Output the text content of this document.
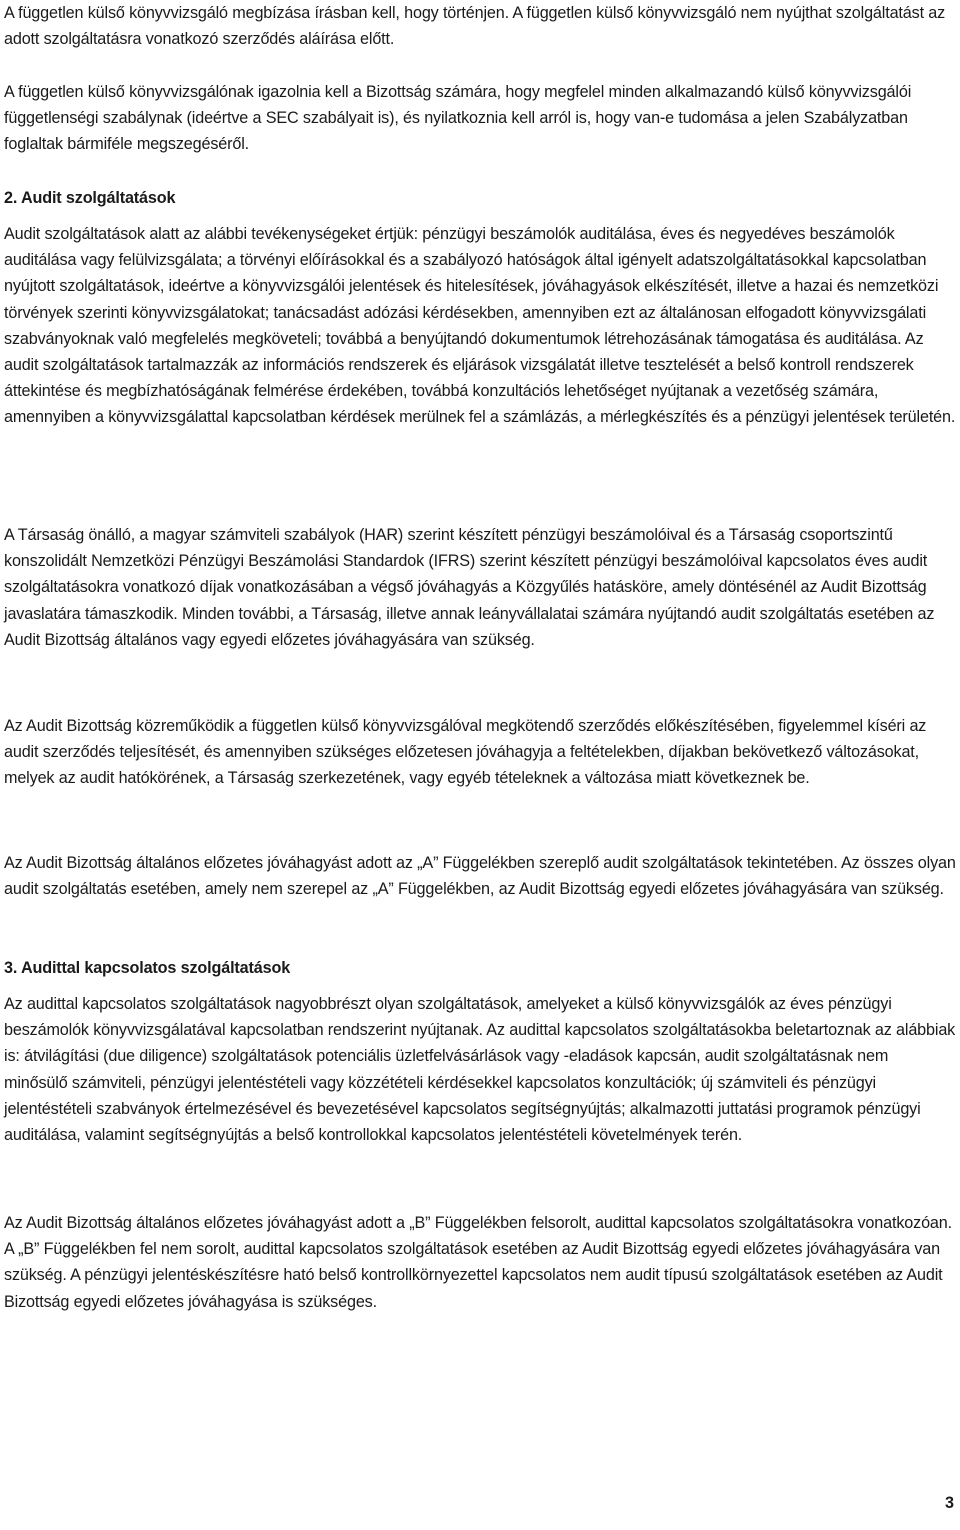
A független külső könyvvizsgáló megbízása írásban kell, hogy történjen. A független külső könyvvizsgáló nem nyújthat szolgáltatást az adott szolgáltatásra vonatkozó szerződés aláírása előtt.

A független külső könyvvizsgálónak igazolnia kell a Bizottság számára, hogy megfelel minden alkalmazandó külső könyvvizsgálói függetlenségi szabálynak (ideértve a SEC szabályait is), és nyilatkoznia kell arról is, hogy van-e tudomása a jelen Szabályzatban foglaltak bármiféle megszegéséről.

2. Audit szolgáltatások

Audit szolgáltatások alatt az alábbi tevékenységeket értjük: pénzügyi beszámolók auditálása, éves és negyedéves beszámolók auditálása vagy felülvizsgálata; a törvényi előírásokkal és a szabályozó hatóságok által igényelt adatszolgáltatásokkal kapcsolatban nyújtott szolgáltatások, ideértve a könyvvizsgálói jelentések és hitelesítések, jóváhagyások elkészítését, illetve a hazai és nemzetközi törvények szerinti könyvvizsgálatokat; tanácsadást adózási kérdésekben, amennyiben ezt az általánosan elfogadott könyvvizsgálati szabványoknak való megfelelés megköveteli; továbbá a benyújtandó dokumentumok létrehozásának támogatása és auditálása. Az audit szolgáltatások tartalmazzák az információs rendszerek és eljárások vizsgálatát illetve tesztelését a belső kontroll rendszerek áttekintése és megbízhatóságának felmérése érdekében, továbbá konzultációs lehetőséget nyújtanak a vezetőség számára, amennyiben a könyvvizsgálattal kapcsolatban kérdések merülnek fel a számlázás, a mérlegkészítés és a pénzügyi jelentések területén.

A Társaság önálló, a magyar számviteli szabályok (HAR) szerint készített pénzügyi beszámolóival és a Társaság csoportszintű konszolidált Nemzetközi Pénzügyi Beszámolási Standardok (IFRS) szerint készített pénzügyi beszámolóival kapcsolatos éves audit szolgáltatásokra vonatkozó díjak vonatkozásában a végső jóváhagyás a Közgyűlés hatásköre, amely döntésénél az Audit Bizottság javaslatára támaszkodik. Minden további, a Társaság, illetve annak leányvállalatai számára nyújtandó audit szolgáltatás esetében az Audit Bizottság általános vagy egyedi előzetes jóváhagyására van szükség.

Az Audit Bizottság közreműködik a független külső könyvvizsgálóval megkötendő szerződés előkészítésében, figyelemmel kíséri az audit szerződés teljesítését, és amennyiben szükséges előzetesen jóváhagyja a feltételekben, díjakban bekövetkező változásokat, melyek az audit hatókörének, a Társaság szerkezetének, vagy egyéb tételeknek a változása miatt következnek be.

Az Audit Bizottság általános előzetes jóváhagyást adott az „A” Függelékben szereplő audit szolgáltatások tekintetében. Az összes olyan audit szolgáltatás esetében, amely nem szerepel az „A” Függelékben, az Audit Bizottság egyedi előzetes jóváhagyására van szükség.

3. Audittal kapcsolatos szolgáltatások

Az audittal kapcsolatos szolgáltatások nagyobbrészt olyan szolgáltatások, amelyeket a külső könyvvizsgálók az éves pénzügyi beszámolók könyvvizsgálatával kapcsolatban rendszerint nyújtanak. Az audittal kapcsolatos szolgáltatásokba beletartoznak az alábbiak is: átvilágítási (due diligence) szolgáltatások potenciális üzletfelvásárlások vagy -eladások kapcsán, audit szolgáltatásnak nem minősülő számviteli, pénzügyi jelentéstételi vagy közzétételi kérdésekkel kapcsolatos konzultációk; új számviteli és pénzügyi jelentéstételi szabványok értelmezésével és bevezetésével kapcsolatos segítségnyújtás; alkalmazotti juttatási programok pénzügyi auditálása, valamint segítségnyújtás a belső kontrollokkal kapcsolatos jelentéstételi követelmények terén.

Az Audit Bizottság általános előzetes jóváhagyást adott a „B” Függelékben felsorolt, audittal kapcsolatos szolgáltatásokra vonatkozóan. A „B” Függelékben fel nem sorolt, audittal kapcsolatos szolgáltatások esetében az Audit Bizottság egyedi előzetes jóváhagyására van szükség. A pénzügyi jelentéskészítésre ható belső kontrollkörnyezettel kapcsolatos nem audit típusú szolgáltatások esetében az Audit Bizottság egyedi előzetes jóváhagyása is szükséges.

3
